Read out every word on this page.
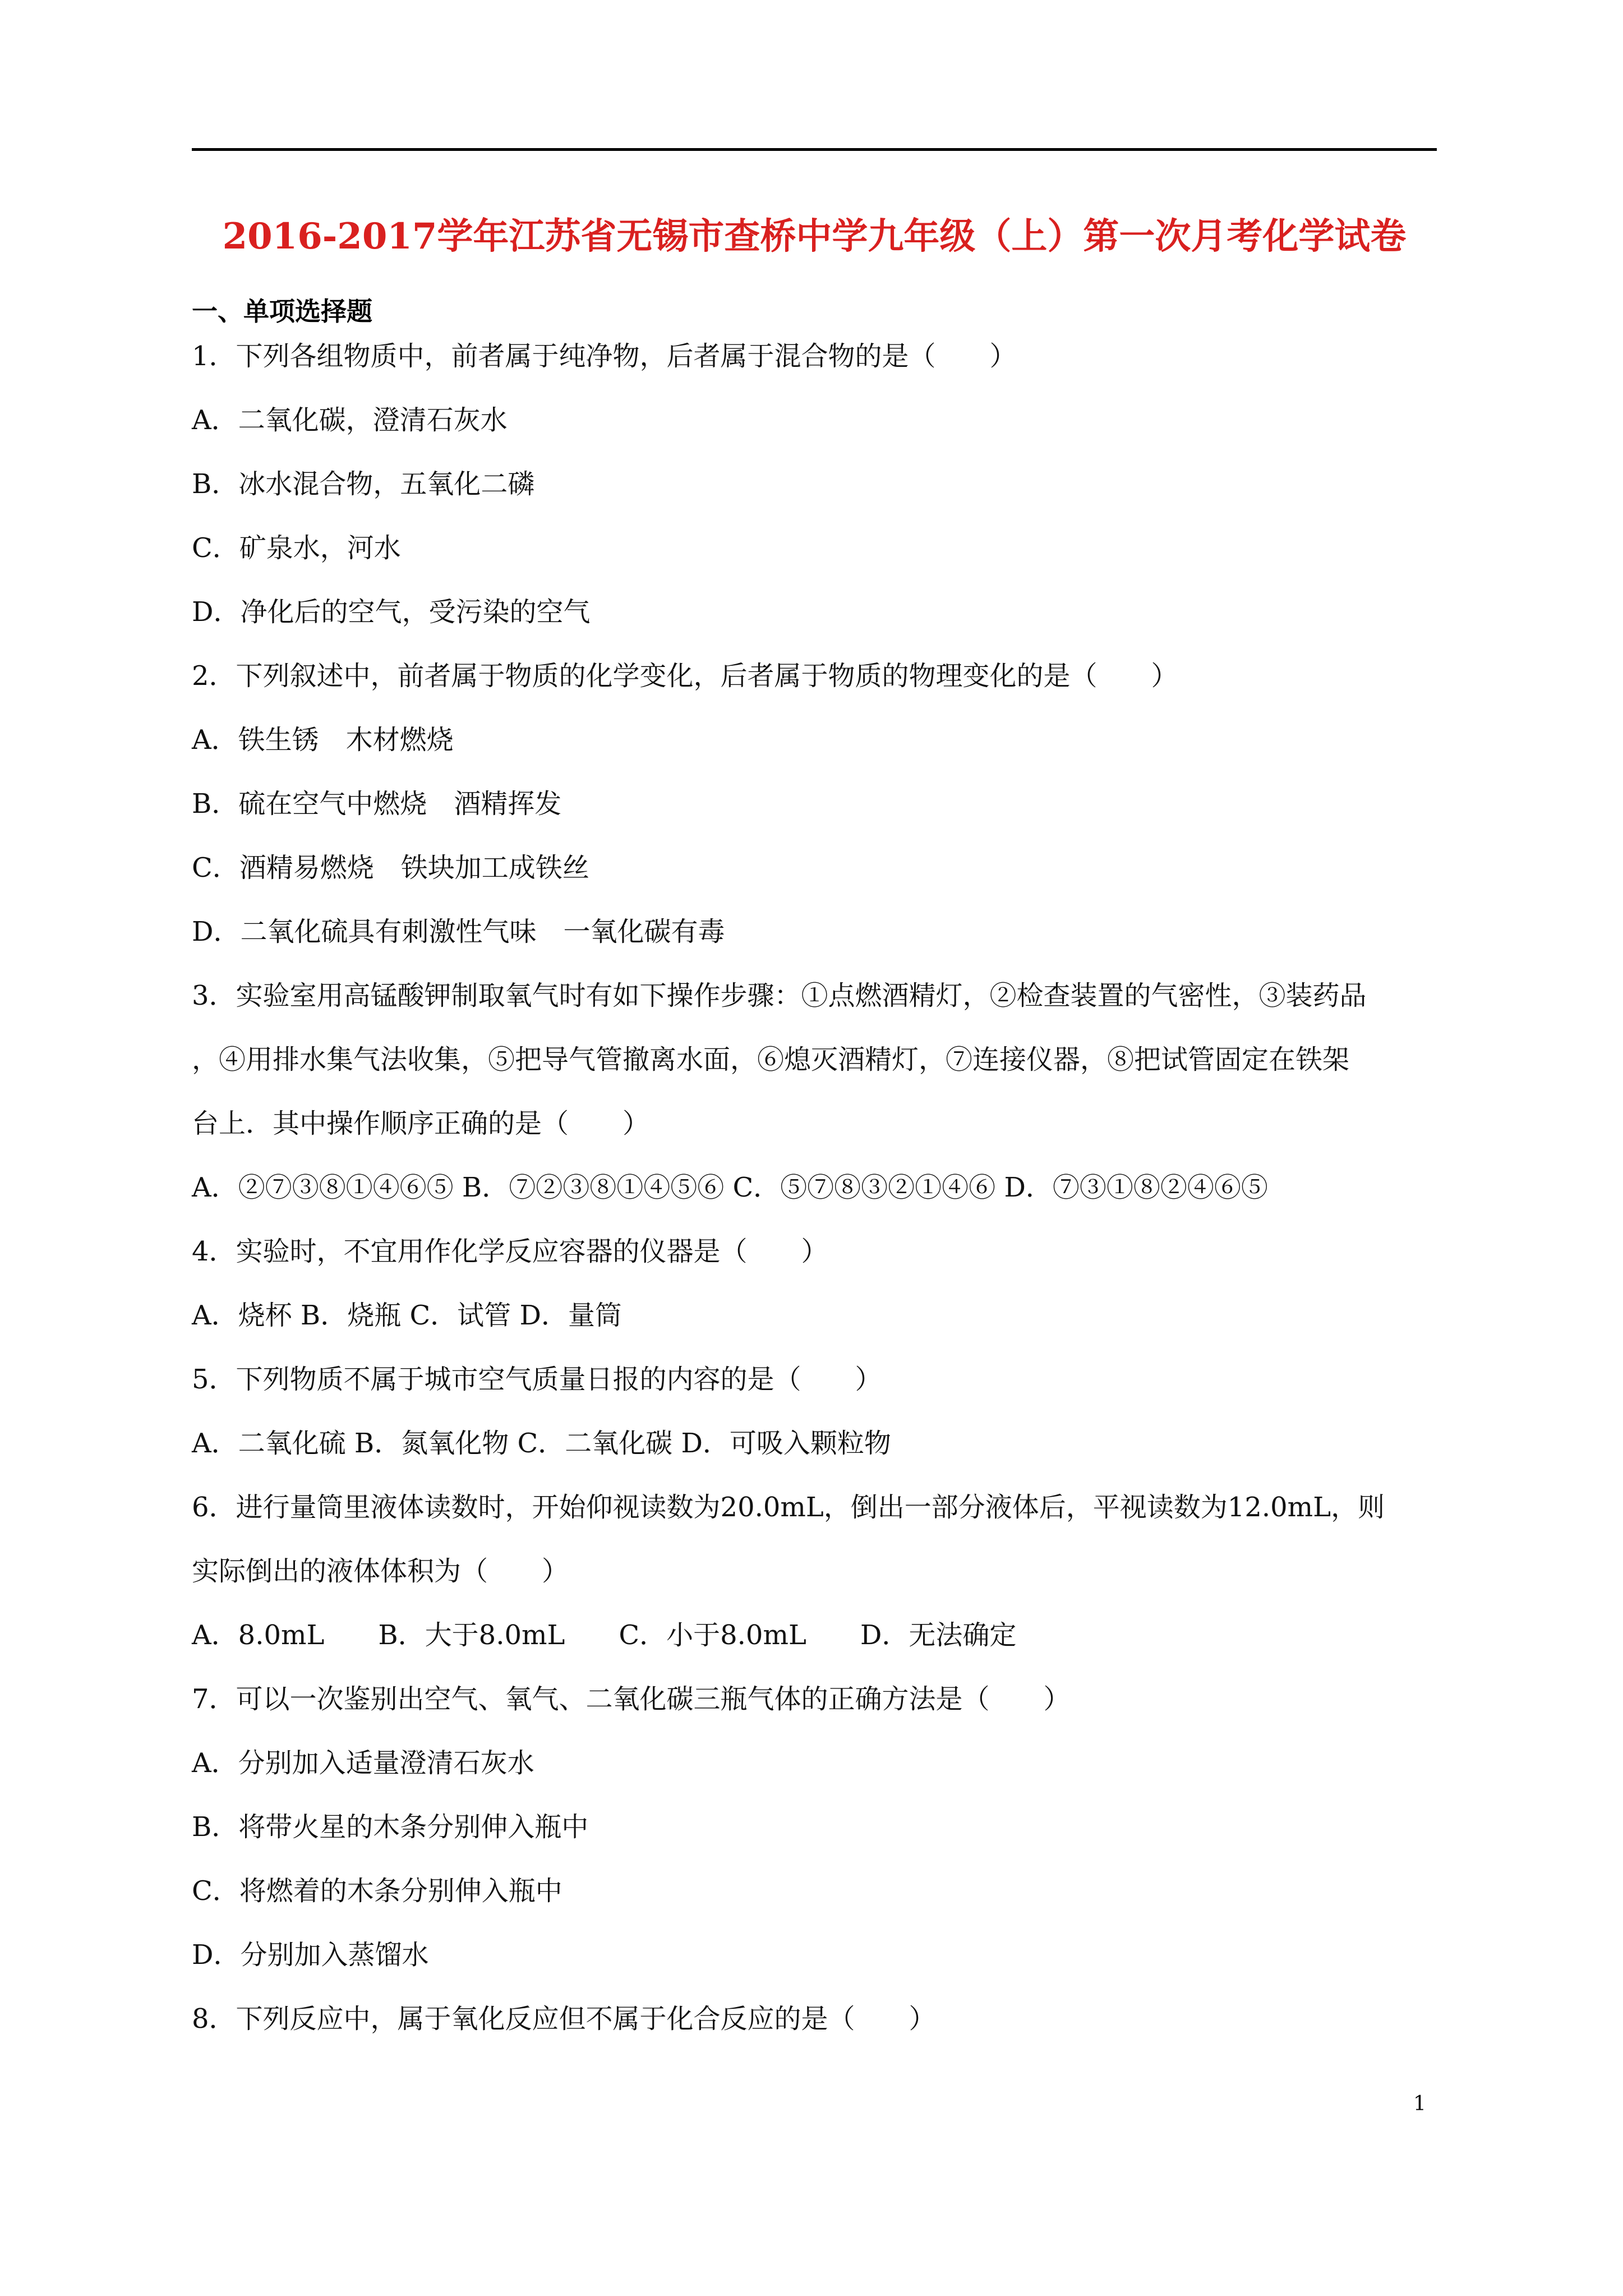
2016-2017学年江苏省无锡市查桥中学九年级（上）第一次月考化学试卷
一、单项选择题
1．下列各组物质中，前者属于纯净物，后者属于混合物的是（　　）
A．二氧化碳，澄清石灰水
B．冰水混合物，五氧化二磷
C．矿泉水，河水
D．净化后的空气，受污染的空气
2．下列叙述中，前者属于物质的化学变化，后者属于物质的物理变化的是（　　）
A．铁生锈　木材燃烧
B．硫在空气中燃烧　酒精挥发
C．酒精易燃烧　铁块加工成铁丝
D．二氧化硫具有刺激性气味　一氧化碳有毒
3．实验室用高锰酸钾制取氧气时有如下操作步骤：①点燃酒精灯，②检查装置的气密性，③装药品
，④用排水集气法收集，⑤把导气管撤离水面，⑥熄灭酒精灯，⑦连接仪器，⑧把试管固定在铁架
台上．其中操作顺序正确的是（　　）
A．②⑦③⑧①④⑥⑤ B．⑦②③⑧①④⑤⑥ C．⑤⑦⑧③②①④⑥ D．⑦③①⑧②④⑥⑤
4．实验时，不宜用作化学反应容器的仪器是（　　）
A．烧杯 B．烧瓶 C．试管 D．量筒
5．下列物质不属于城市空气质量日报的内容的是（　　）
A．二氧化硫 B．氮氧化物 C．二氧化碳 D．可吸入颗粒物
6．进行量筒里液体读数时，开始仰视读数为20.0mL，倒出一部分液体后，平视读数为12.0mL，则
实际倒出的液体体积为（　　）
A．8.0mL　　B．大于8.0mL　　C．小于8.0mL　　D．无法确定
7．可以一次鉴别出空气、氧气、二氧化碳三瓶气体的正确方法是（　　）
A．分别加入适量澄清石灰水
B．将带火星的木条分别伸入瓶中
C．将燃着的木条分别伸入瓶中
D．分别加入蒸馏水
8．下列反应中，属于氧化反应但不属于化合反应的是（　　）
1
